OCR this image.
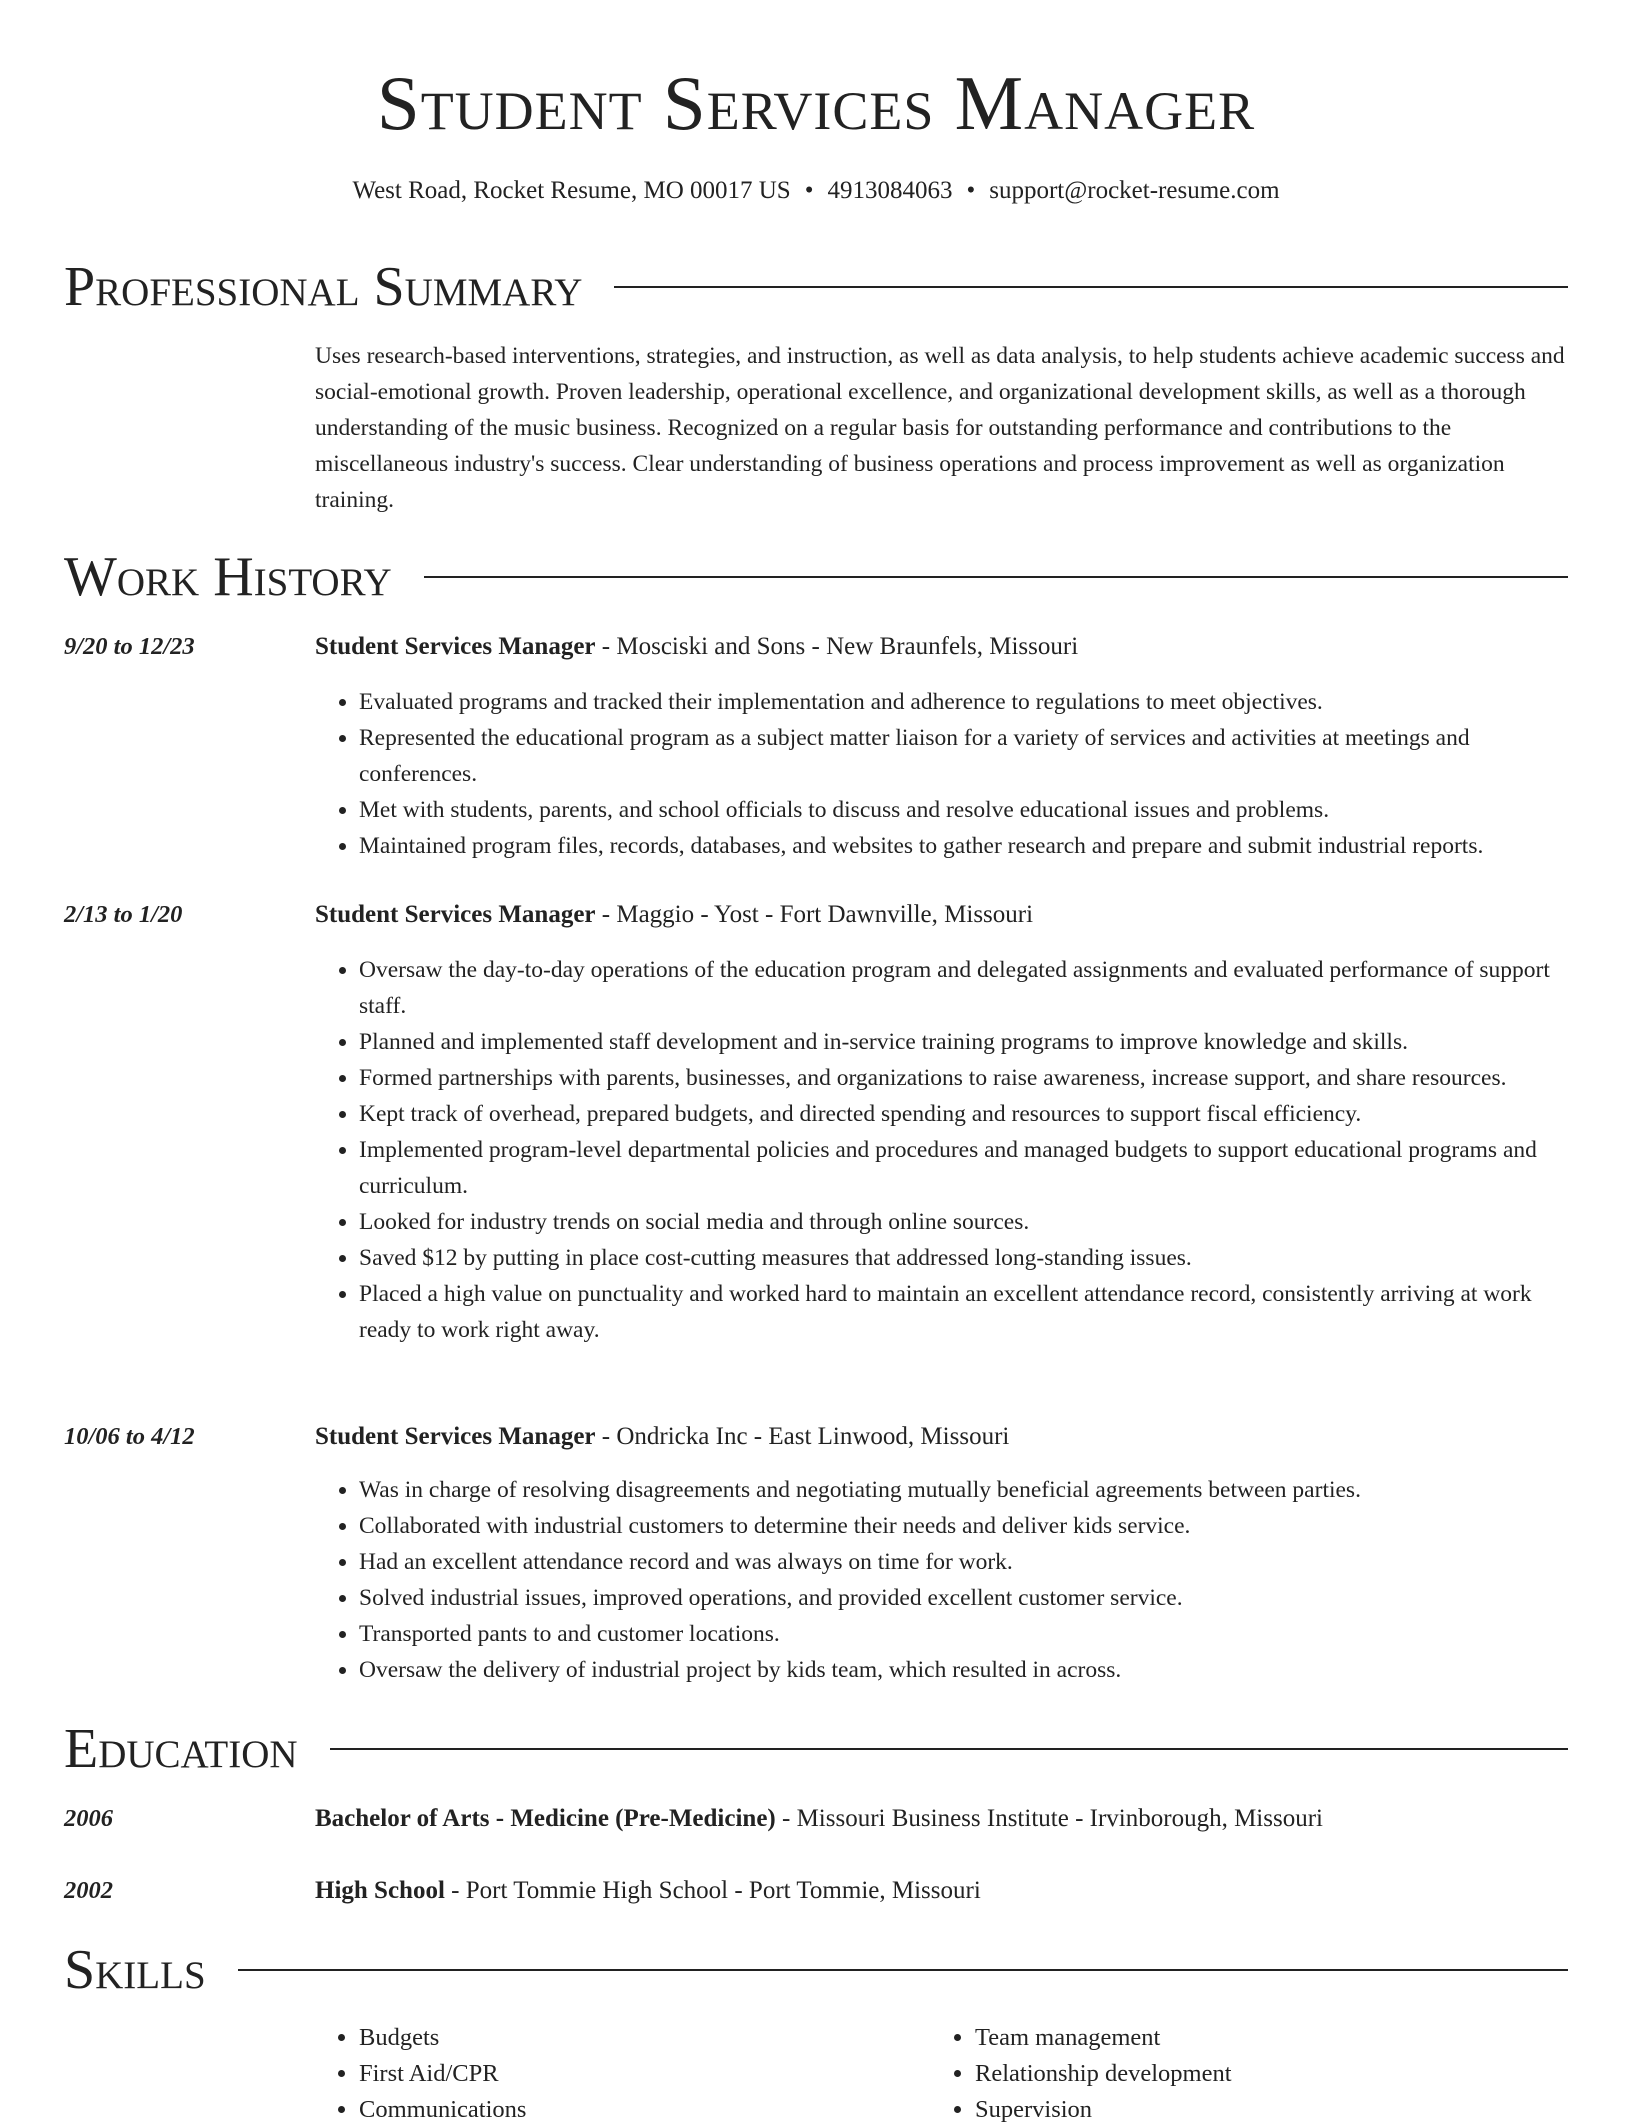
Student Services Manager
West Road, Rocket Resume, MO 00017 US • 4913084063 • support@rocket-resume.com
Professional Summary

Uses research-based interventions, strategies, and instruction, as well as data analysis, to help students achieve academic success and social-emotional growth. Proven leadership, operational excellence, and organizational development skills, as well as a thorough understanding of the music business. Recognized on a regular basis for outstanding performance and contributions to the miscellaneous industry's success. Clear understanding of business operations and process improvement as well as organization training.

Work History
9/20 to 12/23	Student Services Manager - Mosciski and Sons - New Braunfels, Missouri
• Evaluated programs and tracked their implementation and adherence to regulations to meet objectives.
• Represented the educational program as a subject matter liaison for a variety of services and activities at meetings and conferences.
• Met with students, parents, and school officials to discuss and resolve educational issues and problems.
• Maintained program files, records, databases, and websites to gather research and prepare and submit industrial reports.
2/13 to 1/20	Student Services Manager - Maggio - Yost - Fort Dawnville, Missouri
• Oversaw the day-to-day operations of the education program and delegated assignments and evaluated performance of support staff.
• Planned and implemented staff development and in-service training programs to improve knowledge and skills.
• Formed partnerships with parents, businesses, and organizations to raise awareness, increase support, and share resources.
• Kept track of overhead, prepared budgets, and directed spending and resources to support fiscal efficiency.
• Implemented program-level departmental policies and procedures and managed budgets to support educational programs and curriculum.
• Looked for industry trends on social media and through online sources.
• Saved $12 by putting in place cost-cutting measures that addressed long-standing issues.
• Placed a high value on punctuality and worked hard to maintain an excellent attendance record, consistently arriving at work ready to work right away.
10/06 to 4/12	Student Services Manager - Ondricka Inc - East Linwood, Missouri
• Was in charge of resolving disagreements and negotiating mutually beneficial agreements between parties.
• Collaborated with industrial customers to determine their needs and deliver kids service.
• Had an excellent attendance record and was always on time for work.
• Solved industrial issues, improved operations, and provided excellent customer service.
• Transported pants to and customer locations.
• Oversaw the delivery of industrial project by kids team, which resulted in across.
Education
2006	Bachelor of Arts - Medicine (Pre-Medicine) - Missouri Business Institute - Irvinborough, Missouri
2002	High School - Port Tommie High School - Port Tommie, Missouri
Skills
• Budgets
• First Aid/CPR
• Communications
• Team management
• Relationship development
• Supervision
